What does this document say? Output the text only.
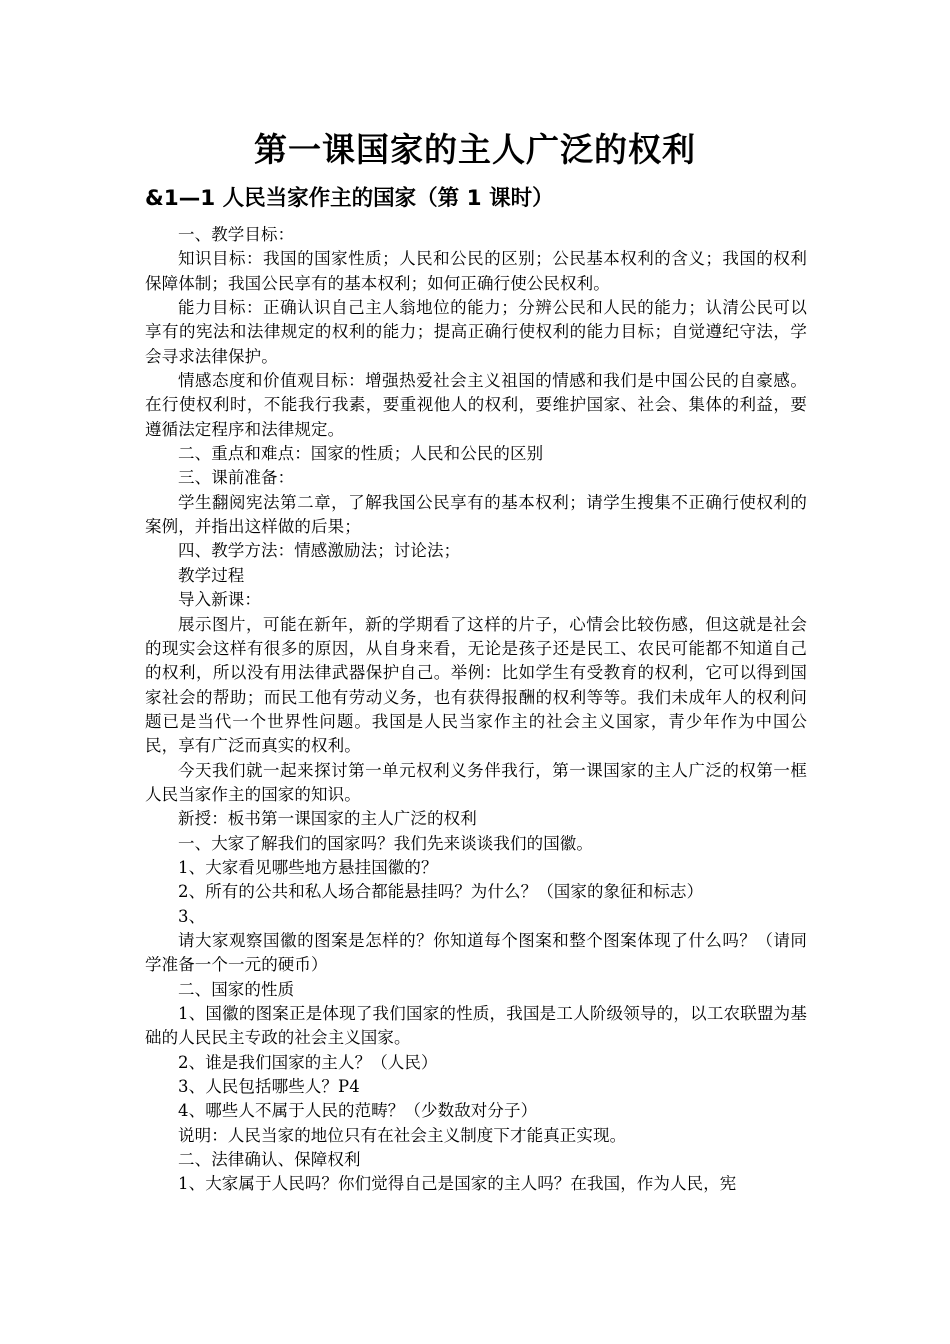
第一课国家的主人广泛的权利
&1—1 人民当家作主的国家（第 1 课时）

一、教学目标：

知识目标：我国的国家性质；人民和公民的区别；公民基本权利的含义；我国的权利保障体制；我国公民享有的基本权利；如何正确行使公民权利。

能力目标：正确认识自己主人翁地位的能力；分辨公民和人民的能力；认清公民可以享有的宪法和法律规定的权利的能力；提高正确行使权利的能力目标；自觉遵纪守法，学会寻求法律保护。

情感态度和价值观目标：增强热爱社会主义祖国的情感和我们是中国公民的自豪感。在行使权利时，不能我行我素，要重视他人的权利，要维护国家、社会、集体的利益，要遵循法定程序和法律规定。

二、重点和难点：国家的性质；人民和公民的区别

三、课前准备：

学生翻阅宪法第二章，了解我国公民享有的基本权利；请学生搜集不正确行使权利的案例，并指出这样做的后果；

四、教学方法：情感激励法；讨论法；

教学过程

导入新课：

展示图片，可能在新年，新的学期看了这样的片子，心情会比较伤感，但这就是社会的现实会这样有很多的原因，从自身来看，无论是孩子还是民工、农民可能都不知道自己的权利，所以没有用法律武器保护自己。举例：比如学生有受教育的权利，它可以得到国家社会的帮助；而民工他有劳动义务，也有获得报酬的权利等等。我们未成年人的权利问题已是当代一个世界性问题。我国是人民当家作主的社会主义国家，青少年作为中国公民，享有广泛而真实的权利。

今天我们就一起来探讨第一单元权利义务伴我行，第一课国家的主人广泛的权第一框人民当家作主的国家的知识。

新授：板书第一课国家的主人广泛的权利

一、大家了解我们的国家吗？我们先来谈谈我们的国徽。

1、大家看见哪些地方悬挂国徽的？

2、所有的公共和私人场合都能悬挂吗？为什么？（国家的象征和标志）

3、

请大家观察国徽的图案是怎样的？你知道每个图案和整个图案体现了什么吗？（请同学准备一个一元的硬币）

二、国家的性质

1、国徽的图案正是体现了我们国家的性质，我国是工人阶级领导的，以工农联盟为基础的人民民主专政的社会主义国家。

2、谁是我们国家的主人？（人民）

3、人民包括哪些人？P4

4、哪些人不属于人民的范畴？（少数敌对分子）

说明：人民当家的地位只有在社会主义制度下才能真正实现。

二、法律确认、保障权利

1、大家属于人民吗？你们觉得自己是国家的主人吗？在我国，作为人民，宪
